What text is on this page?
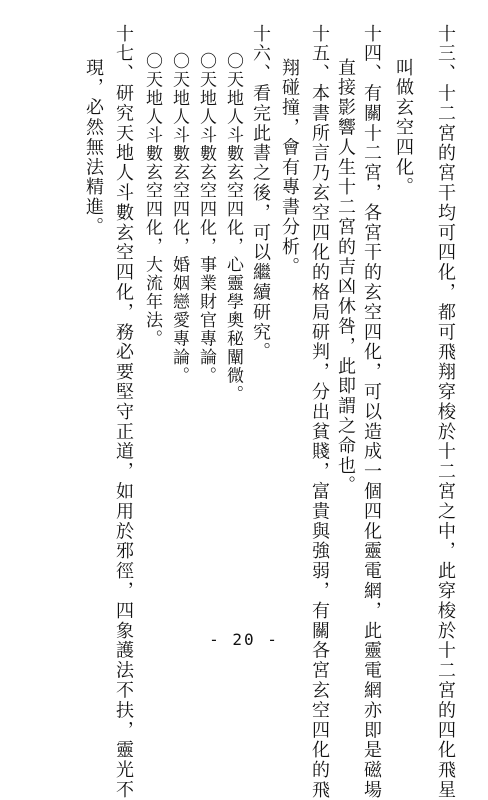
十三、十二宮的宮干均可四化，都可飛翔穿梭於十二宮之中，此穿梭於十二宮的四化飛星
叫做玄空四化。
十四、有關十二宮，各宮干的玄空四化，可以造成一個四化靈電網，此靈電網亦即是磁場
直接影響人生十二宮的吉凶休咎，此即謂之命也。
十五、本書所言乃玄空四化的格局研判，分出貧賤，富貴與強弱，有關各宮玄空四化的飛
翔碰撞，會有專書分析。
十六、看完此書之後，可以繼續研究。
〇天地人斗數玄空四化，心靈學奧秘闡微。
〇天地人斗數玄空四化，事業財官專論。
〇天地人斗數玄空四化，婚姻戀愛專論。
〇天地人斗數玄空四化，大流年法。
十七、研究天地人斗數玄空四化，務必要堅守正道，如用於邪徑，四象護法不扶，靈光不
現，必然無法精進。
- 20 -
